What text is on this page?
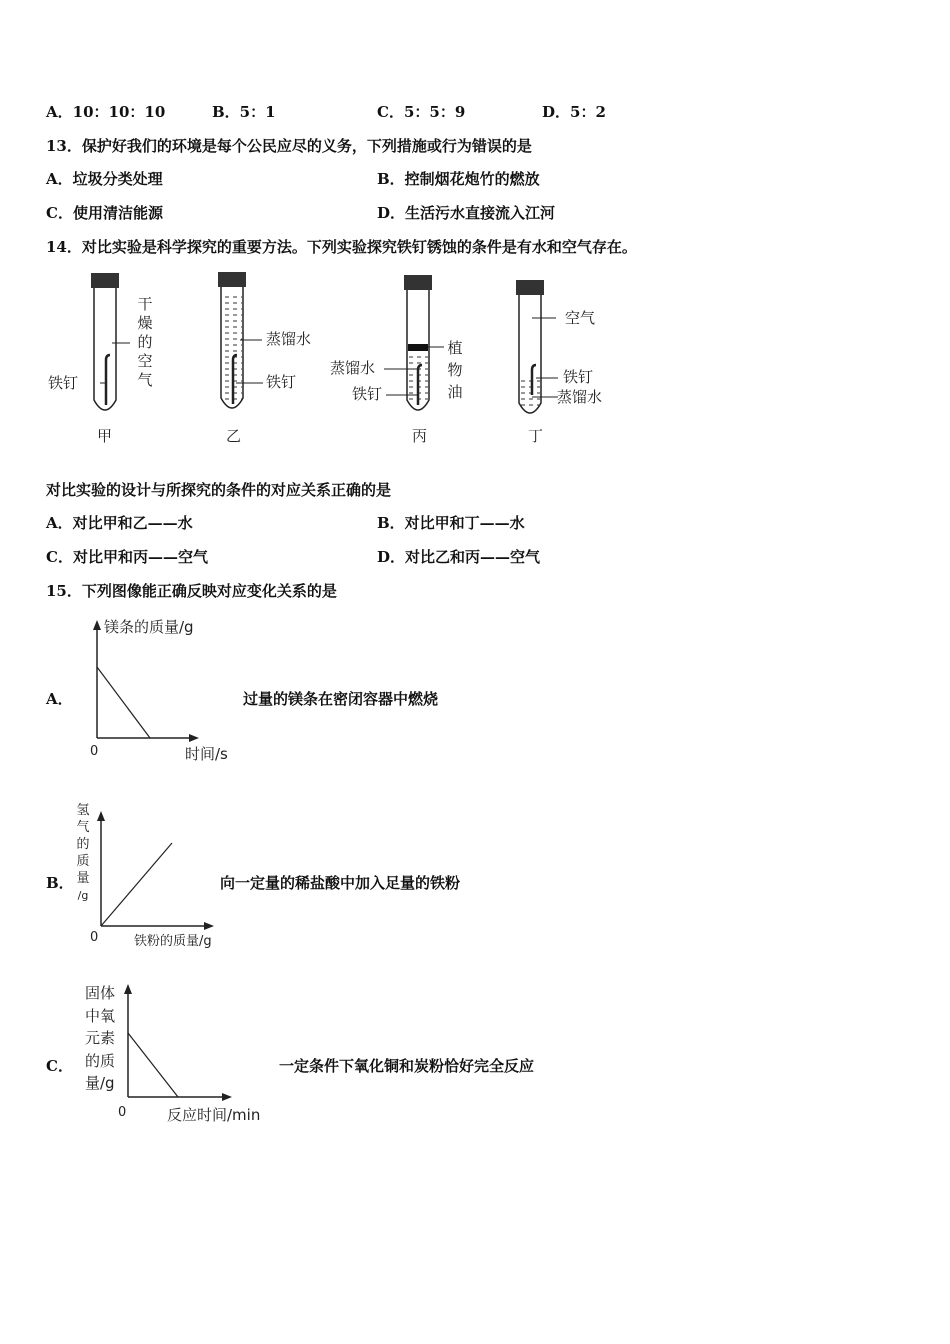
A．10：10：10	B．5：1	C．5：5：9	D．5：2
13．保护好我们的环境是每个公民应尽的义务，下列措施或行为错误的是
A．垃圾分类处理	B．控制烟花炮竹的燃放
C．使用清洁能源	D．生活污水直接流入江河
14．对比实验是科学探究的重要方法。下列实验探究铁钉锈蚀的条件是有水和空气存在。
干
燥
的
空
气
铁钉
甲
蒸馏水
铁钉
乙
植
物
油
蒸馏水
铁钉
丙
空气
铁钉
蒸馏水
丁
对比实验的设计与所探究的条件的对应关系正确的是
A．对比甲和乙——水	B．对比甲和丁——水
C．对比甲和丙——空气	D．对比乙和丙——空气
15．下列图像能正确反映对应变化关系的是
镁条的质量/g
A．	过量的镁条在密闭容器中燃烧
0	时间/s
氢
气
的
质
量
/g
B．	向一定量的稀盐酸中加入足量的铁粉
0	铁粉的质量/g
固体
中氧
元素
的质
量/g
C．	一定条件下氧化铜和炭粉恰好完全反应
0	反应时间/min
